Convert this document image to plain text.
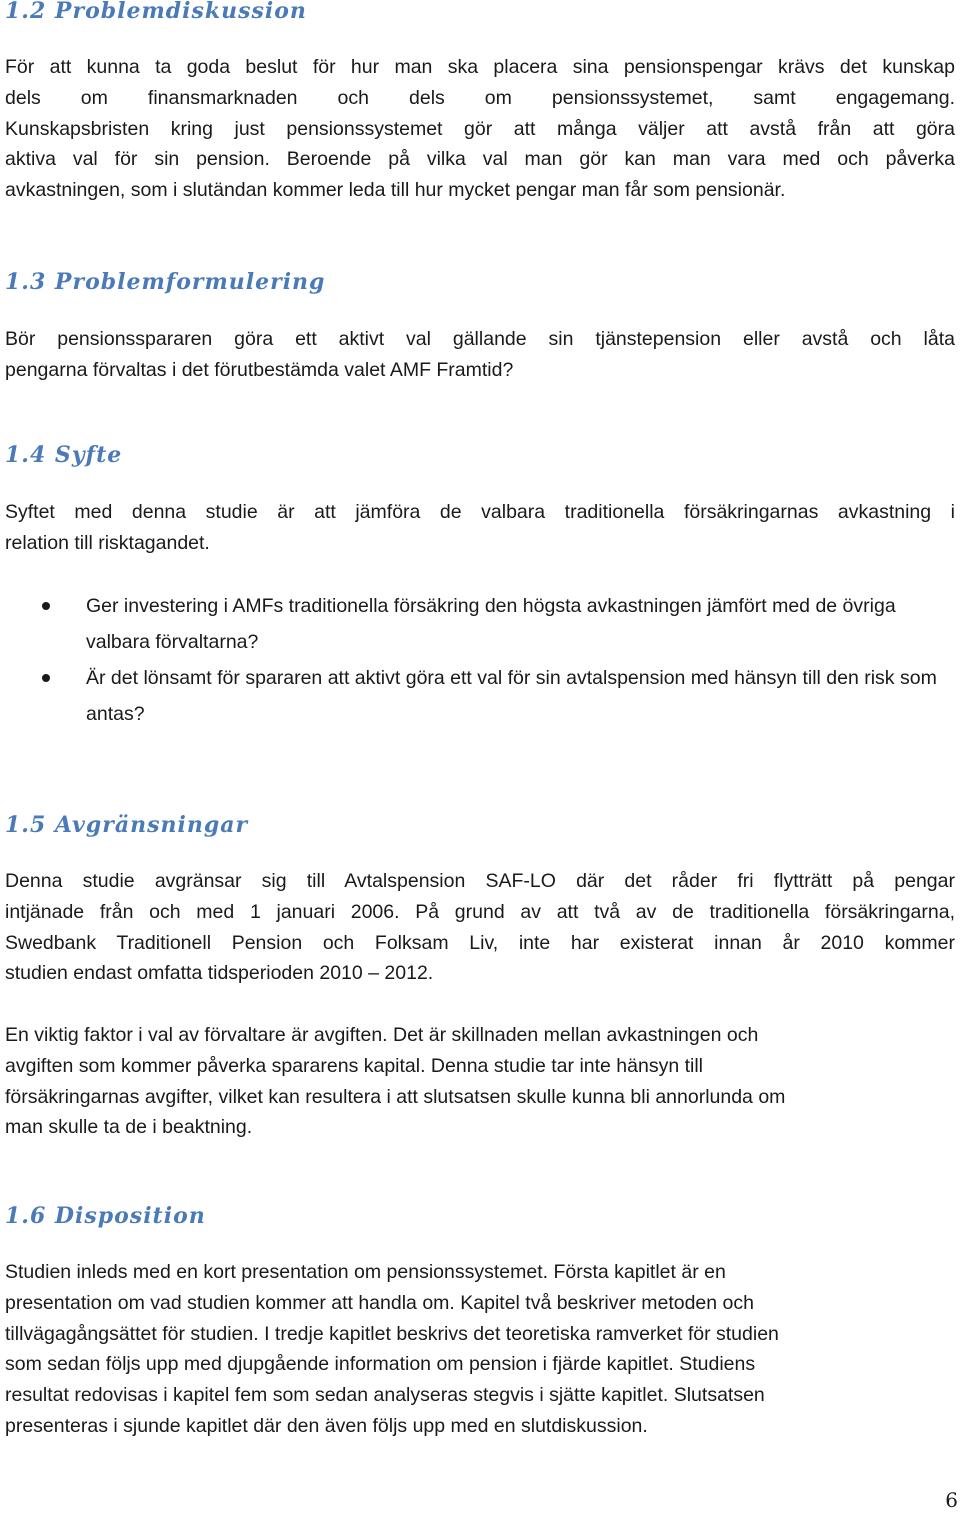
1.2 Problemdiskussion
För att kunna ta goda beslut för hur man ska placera sina pensionspengar krävs det kunskap
dels om finansmarknaden och dels om pensionssystemet, samt engagemang.
Kunskapsbristen kring just pensionssystemet gör att många väljer att avstå från att göra
aktiva val för sin pension. Beroende på vilka val man gör kan man vara med och påverka
avkastningen, som i slutändan kommer leda till hur mycket pengar man får som pensionär.
1.3 Problemformulering
Bör pensionsspararen göra ett aktivt val gällande sin tjänstepension eller avstå och låta
pengarna förvaltas i det förutbestämda valet AMF Framtid?
1.4 Syfte
Syftet med denna studie är att jämföra de valbara traditionella försäkringarnas avkastning i
relation till risktagandet.
Ger investering i AMFs traditionella försäkring den högsta avkastningen jämfört med de övriga valbara förvaltarna?
Är det lönsamt för spararen att aktivt göra ett val för sin avtalspension med hänsyn till den risk som antas?
1.5 Avgränsningar
Denna studie avgränsar sig till Avtalspension SAF-LO där det råder fri flytträtt på pengar
intjänade från och med 1 januari 2006. På grund av att två av de traditionella försäkringarna,
Swedbank Traditionell Pension och Folksam Liv, inte har existerat innan år 2010 kommer
studien endast omfatta tidsperioden 2010 – 2012.
En viktig faktor i val av förvaltare är avgiften. Det är skillnaden mellan avkastningen och
avgiften som kommer påverka spararens kapital. Denna studie tar inte hänsyn till
försäkringarnas avgifter, vilket kan resultera i att slutsatsen skulle kunna bli annorlunda om
man skulle ta de i beaktning.
1.6 Disposition
Studien inleds med en kort presentation om pensionssystemet. Första kapitlet är en
presentation om vad studien kommer att handla om. Kapitel två beskriver metoden och
tillvägagångsättet för studien. I tredje kapitlet beskrivs det teoretiska ramverket för studien
som sedan följs upp med djupgående information om pension i fjärde kapitlet. Studiens
resultat redovisas i kapitel fem som sedan analyseras stegvis i sjätte kapitlet. Slutsatsen
presenteras i sjunde kapitlet där den även följs upp med en slutdiskussion.
6
